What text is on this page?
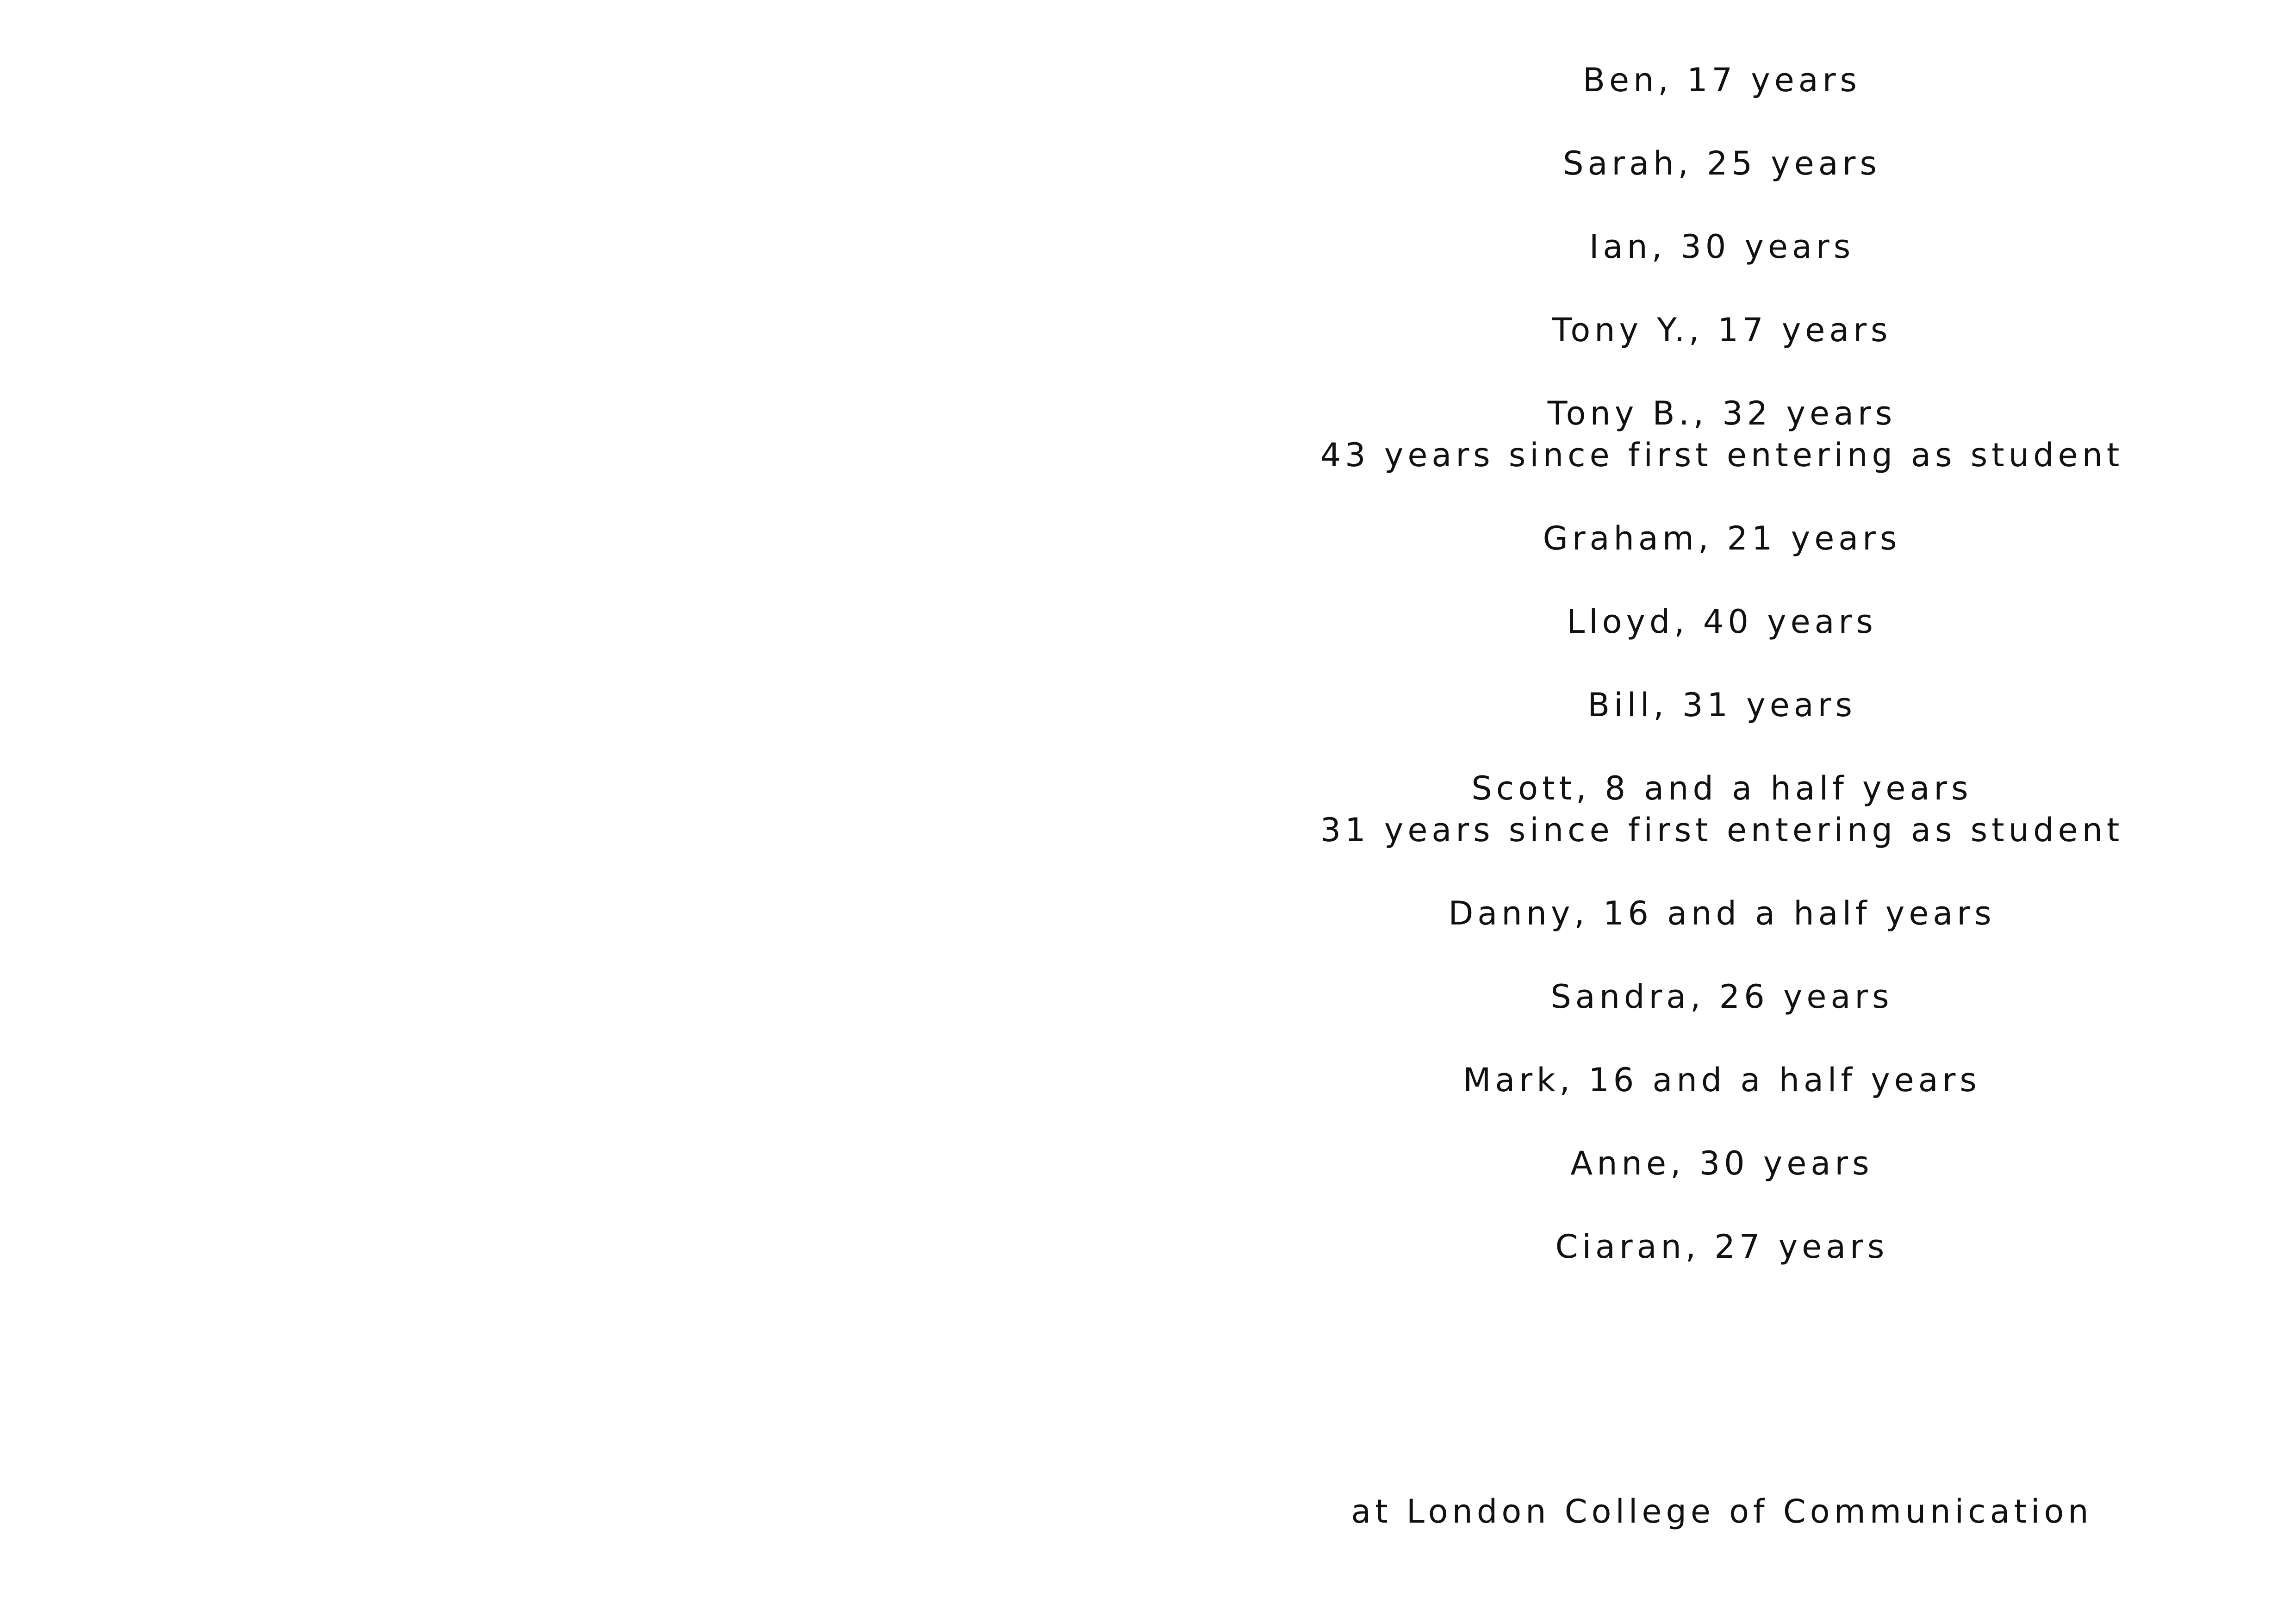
Ben, 17 years
Sarah, 25 years
Ian, 30 years
Tony Y., 17 years
Tony B., 32 years
43 years since first entering as student
Graham, 21 years
Lloyd, 40 years
Bill, 31 years
Scott, 8 and a half years
31 years since first entering as student
Danny, 16 and a half years
Sandra, 26 years
Mark, 16 and a half years
Anne, 30 years
Ciaran, 27 years
at London College of Communication
